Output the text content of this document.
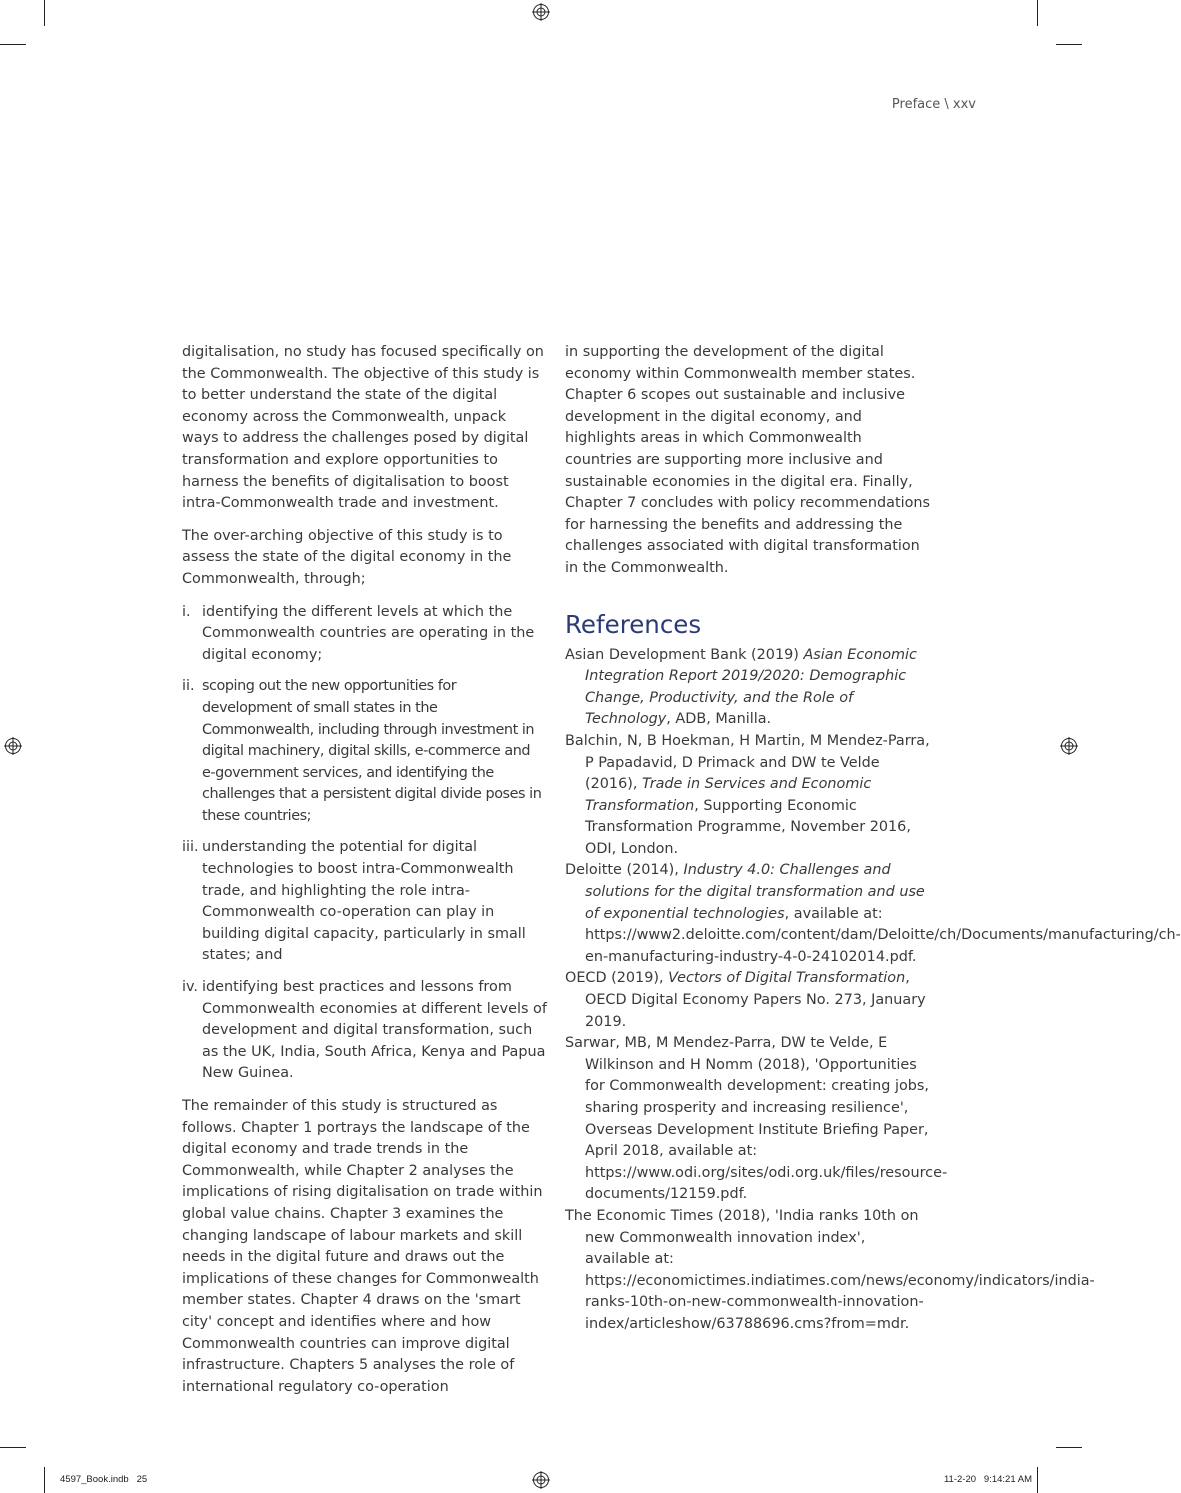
Preface \ xxv

digitalisation, no study has focused specifically on the Commonwealth. The objective of this study is to better understand the state of the digital economy across the Commonwealth, unpack ways to address the challenges posed by digital transformation and explore opportunities to harness the benefits of digitalisation to boost intra-Commonwealth trade and investment.

The over-arching objective of this study is to assess the state of the digital economy in the Commonwealth, through;

i. identifying the different levels at which the Commonwealth countries are operating in the digital economy;
ii. scoping out the new opportunities for development of small states in the Commonwealth, including through investment in digital machinery, digital skills, e-commerce and e-government services, and identifying the challenges that a persistent digital divide poses in these countries;
iii. understanding the potential for digital technologies to boost intra-Commonwealth trade, and highlighting the role intra-Commonwealth co-operation can play in building digital capacity, particularly in small states; and
iv. identifying best practices and lessons from Commonwealth economies at different levels of development and digital transformation, such as the UK, India, South Africa, Kenya and Papua New Guinea.

The remainder of this study is structured as follows. Chapter 1 portrays the landscape of the digital economy and trade trends in the Commonwealth, while Chapter 2 analyses the implications of rising digitalisation on trade within global value chains. Chapter 3 examines the changing landscape of labour markets and skill needs in the digital future and draws out the implications of these changes for Commonwealth member states. Chapter 4 draws on the 'smart city' concept and identifies where and how Commonwealth countries can improve digital infrastructure. Chapters 5 analyses the role of international regulatory co-operation

in supporting the development of the digital economy within Commonwealth member states. Chapter 6 scopes out sustainable and inclusive development in the digital economy, and highlights areas in which Commonwealth countries are supporting more inclusive and sustainable economies in the digital era. Finally, Chapter 7 concludes with policy recommendations for harnessing the benefits and addressing the challenges associated with digital transformation in the Commonwealth.

References
Asian Development Bank (2019) Asian Economic Integration Report 2019/2020: Demographic Change, Productivity, and the Role of Technology, ADB, Manilla.
Balchin, N, B Hoekman, H Martin, M Mendez-Parra, P Papadavid, D Primack and DW te Velde (2016), Trade in Services and Economic Transformation, Supporting Economic Transformation Programme, November 2016, ODI, London.
Deloitte (2014), Industry 4.0: Challenges and solutions for the digital transformation and use of exponential technologies, available at: https://www2.deloitte.com/content/dam/Deloitte/ch/Documents/manufacturing/ch-en-manufacturing-industry-4-0-24102014.pdf.
OECD (2019), Vectors of Digital Transformation, OECD Digital Economy Papers No. 273, January 2019.
Sarwar, MB, M Mendez-Parra, DW te Velde, E Wilkinson and H Nomm (2018), 'Opportunities for Commonwealth development: creating jobs, sharing prosperity and increasing resilience', Overseas Development Institute Briefing Paper, April 2018, available at: https://www.odi.org/sites/odi.org.uk/files/resource-documents/12159.pdf.
The Economic Times (2018), 'India ranks 10th on new Commonwealth innovation index', available at: https://economictimes.indiatimes.com/news/economy/indicators/india-ranks-10th-on-new-commonwealth-innovation-index/articleshow/63788696.cms?from=mdr.
4597_Book.indb   25	11-2-20   9:14:21 AM
